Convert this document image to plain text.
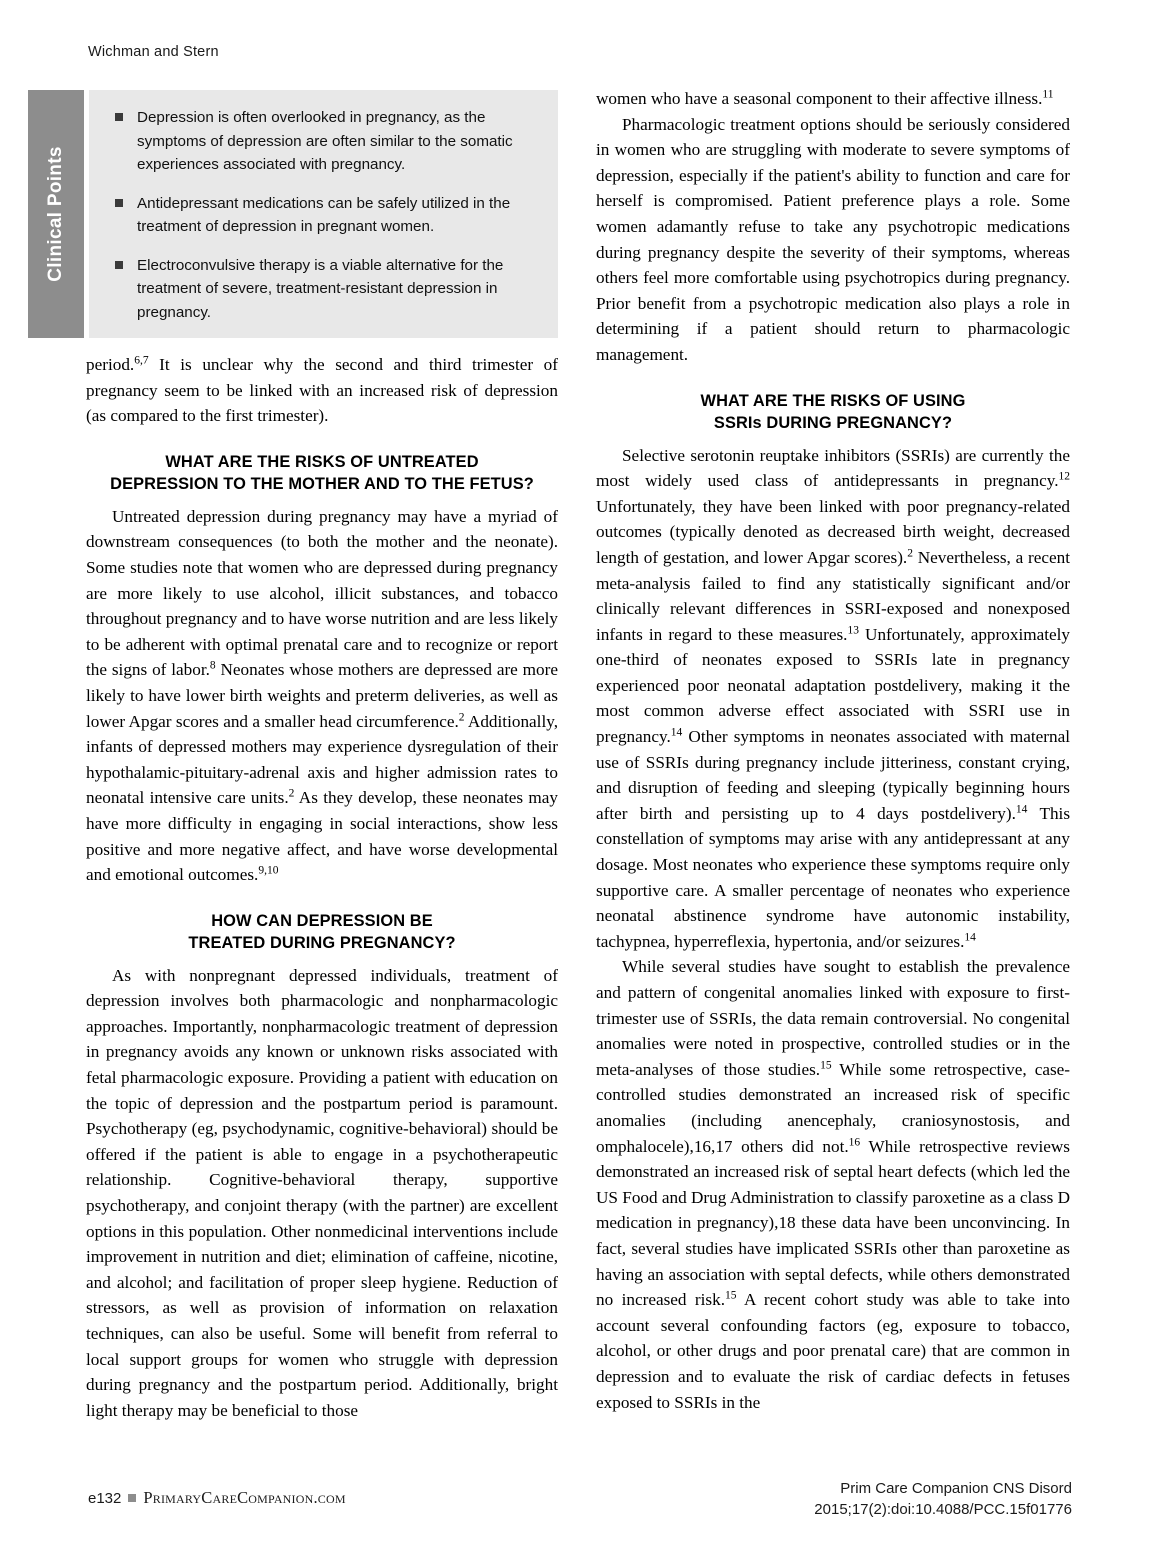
Wichman and Stern
Clinical Points
Depression is often overlooked in pregnancy, as the symptoms of depression are often similar to the somatic experiences associated with pregnancy.
Antidepressant medications can be safely utilized in the treatment of depression in pregnant women.
Electroconvulsive therapy is a viable alternative for the treatment of severe, treatment-resistant depression in pregnancy.

period.$^{6,7}$ It is unclear why the second and third trimester of pregnancy seem to be linked with an increased risk of depression (as compared to the first trimester).

WHAT ARE THE RISKS OF UNTREATED
DEPRESSION TO THE MOTHER AND TO THE FETUS?

Untreated depression during pregnancy may have a myriad of downstream consequences (to both the mother and the neonate). Some studies note that women who are depressed during pregnancy are more likely to use alcohol, illicit substances, and tobacco throughout pregnancy and to have worse nutrition and are less likely to be adherent with optimal prenatal care and to recognize or report the signs of labor.$^8$ Neonates whose mothers are depressed are more likely to have lower birth weights and preterm deliveries, as well as lower Apgar scores and a smaller head circumference.$^2$ Additionally, infants of depressed mothers may experience dysregulation of their hypothalamic-pituitary-adrenal axis and higher admission rates to neonatal intensive care units.$^2$ As they develop, these neonates may have more difficulty in engaging in social interactions, show less positive and more negative affect, and have worse developmental and emotional outcomes.$^{9,10}$

HOW CAN DEPRESSION BE
TREATED DURING PREGNANCY?

As with nonpregnant depressed individuals, treatment of depression involves both pharmacologic and nonpharmacologic approaches. Importantly, nonpharmacologic treatment of depression in pregnancy avoids any known or unknown risks associated with fetal pharmacologic exposure. Providing a patient with education on the topic of depression and the postpartum period is paramount. Psychotherapy (eg, psychodynamic, cognitive-behavioral) should be offered if the patient is able to engage in a psychotherapeutic relationship. Cognitive-behavioral therapy, supportive psychotherapy, and conjoint therapy (with the partner) are excellent options in this population. Other nonmedicinal interventions include improvement in nutrition and diet; elimination of caffeine, nicotine, and alcohol; and facilitation of proper sleep hygiene. Reduction of stressors, as well as provision of information on relaxation techniques, can also be useful. Some will benefit from referral to local support groups for women who struggle with depression during pregnancy and the postpartum period. Additionally, bright light therapy may be beneficial to those

women who have a seasonal component to their affective illness.$^{11}$

Pharmacologic treatment options should be seriously considered in women who are struggling with moderate to severe symptoms of depression, especially if the patient's ability to function and care for herself is compromised. Patient preference plays a role. Some women adamantly refuse to take any psychotropic medications during pregnancy despite the severity of their symptoms, whereas others feel more comfortable using psychotropics during pregnancy. Prior benefit from a psychotropic medication also plays a role in determining if a patient should return to pharmacologic management.

WHAT ARE THE RISKS OF USING
SSRIs DURING PREGNANCY?

Selective serotonin reuptake inhibitors (SSRIs) are currently the most widely used class of antidepressants in pregnancy.$^{12}$ Unfortunately, they have been linked with poor pregnancy-related outcomes (typically denoted as decreased birth weight, decreased length of gestation, and lower Apgar scores).$^2$ Nevertheless, a recent meta-analysis failed to find any statistically significant and/or clinically relevant differences in SSRI-exposed and nonexposed infants in regard to these measures.$^{13}$ Unfortunately, approximately one-third of neonates exposed to SSRIs late in pregnancy experienced poor neonatal adaptation postdelivery, making it the most common adverse effect associated with SSRI use in pregnancy.$^{14}$ Other symptoms in neonates associated with maternal use of SSRIs during pregnancy include jitteriness, constant crying, and disruption of feeding and sleeping (typically beginning hours after birth and persisting up to 4 days postdelivery).$^{14}$ This constellation of symptoms may arise with any antidepressant at any dosage. Most neonates who experience these symptoms require only supportive care. A smaller percentage of neonates who experience neonatal abstinence syndrome have autonomic instability, tachypnea, hyperreflexia, hypertonia, and/or seizures.$^{14}$

While several studies have sought to establish the prevalence and pattern of congenital anomalies linked with exposure to first-trimester use of SSRIs, the data remain controversial. No congenital anomalies were noted in prospective, controlled studies or in the meta-analyses of those studies.$^{15}$ While some retrospective, case-controlled studies demonstrated an increased risk of specific anomalies (including anencephaly, craniosynostosis, and omphalocele),16,17 others did not.$^{16}$ While retrospective reviews demonstrated an increased risk of septal heart defects (which led the US Food and Drug Administration to classify paroxetine as a class D medication in pregnancy),18 these data have been unconvincing. In fact, several studies have implicated SSRIs other than paroxetine as having an association with septal defects, while others demonstrated no increased risk.$^{15}$ A recent cohort study was able to take into account several confounding factors (eg, exposure to tobacco, alcohol, or other drugs and poor prenatal care) that are common in depression and to evaluate the risk of cardiac defects in fetuses exposed to SSRIs in the

e132 PrimaryCareCompanion.com	Prim Care Companion CNS Disord
2015;17(2):doi:10.4088/PCC.15f01776
